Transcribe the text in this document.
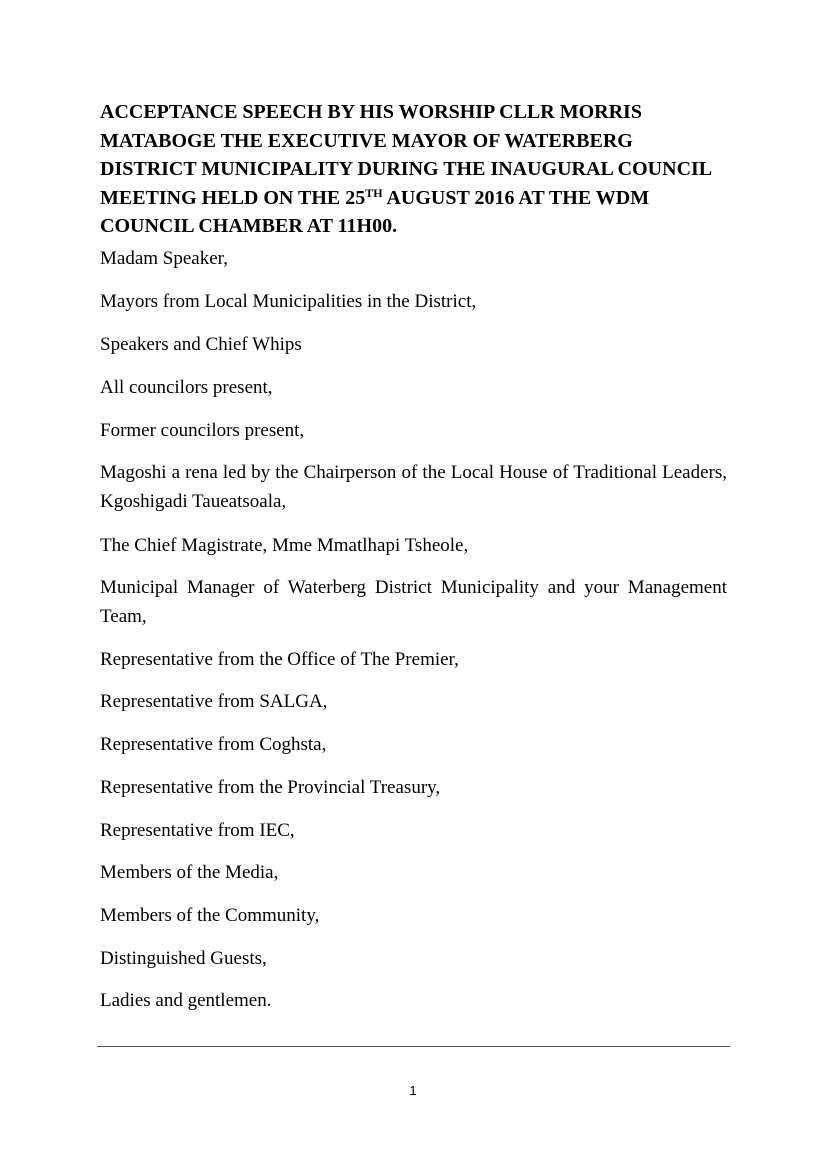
ACCEPTANCE SPEECH BY HIS WORSHIP CLLR MORRIS MATABOGE THE EXECUTIVE MAYOR OF WATERBERG DISTRICT MUNICIPALITY DURING THE INAUGURAL COUNCIL MEETING HELD ON THE 25TH AUGUST 2016 AT THE WDM COUNCIL CHAMBER AT 11H00.
Madam Speaker,
Mayors from Local Municipalities in the District,
Speakers and Chief Whips
All councilors present,
Former councilors present,
Magoshi a rena led by the Chairperson of the Local House of Traditional Leaders, Kgoshigadi Taueatsoala,
The Chief Magistrate, Mme Mmatlhapi Tsheole,
Municipal Manager of Waterberg District Municipality and your Management Team,
Representative from the Office of The Premier,
Representative from SALGA,
Representative from Coghsta,
Representative from the Provincial Treasury,
Representative from IEC,
Members of the Media,
Members of the Community,
Distinguished Guests,
Ladies and gentlemen.
1
